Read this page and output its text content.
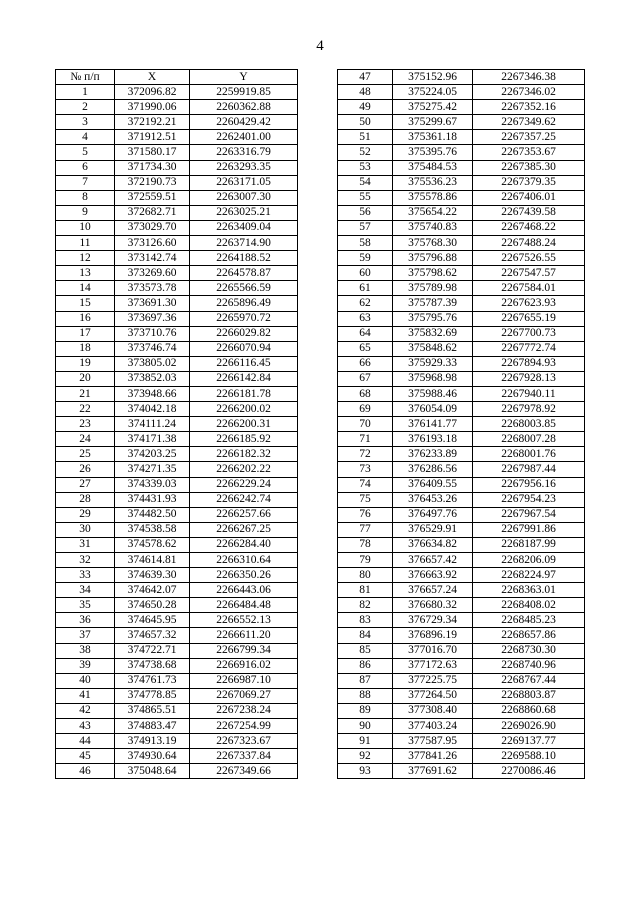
4
№ п/п	X	Y
1	372096.82	2259919.85
2	371990.06	2260362.88
3	372192.21	2260429.42
4	371912.51	2262401.00
5	371580.17	2263316.79
6	371734.30	2263293.35
7	372190.73	2263171.05
8	372559.51	2263007.30
9	372682.71	2263025.21
10	373029.70	2263409.04
11	373126.60	2263714.90
12	373142.74	2264188.52
13	373269.60	2264578.87
14	373573.78	2265566.59
15	373691.30	2265896.49
16	373697.36	2265970.72
17	373710.76	2266029.82
18	373746.74	2266070.94
19	373805.02	2266116.45
20	373852.03	2266142.84
21	373948.66	2266181.78
22	374042.18	2266200.02
23	374111.24	2266200.31
24	374171.38	2266185.92
25	374203.25	2266182.32
26	374271.35	2266202.22
27	374339.03	2266229.24
28	374431.93	2266242.74
29	374482.50	2266257.66
30	374538.58	2266267.25
31	374578.62	2266284.40
32	374614.81	2266310.64
33	374639.30	2266350.26
34	374642.07	2266443.06
35	374650.28	2266484.48
36	374645.95	2266552.13
37	374657.32	2266611.20
38	374722.71	2266799.34
39	374738.68	2266916.02
40	374761.73	2266987.10
41	374778.85	2267069.27
42	374865.51	2267238.24
43	374883.47	2267254.99
44	374913.19	2267323.67
45	374930.64	2267337.84
46	375048.64	2267349.66
47	375152.96	2267346.38
48	375224.05	2267346.02
49	375275.42	2267352.16
50	375299.67	2267349.62
51	375361.18	2267357.25
52	375395.76	2267353.67
53	375484.53	2267385.30
54	375536.23	2267379.35
55	375578.86	2267406.01
56	375654.22	2267439.58
57	375740.83	2267468.22
58	375768.30	2267488.24
59	375796.88	2267526.55
60	375798.62	2267547.57
61	375789.98	2267584.01
62	375787.39	2267623.93
63	375795.76	2267655.19
64	375832.69	2267700.73
65	375848.62	2267772.74
66	375929.33	2267894.93
67	375968.98	2267928.13
68	375988.46	2267940.11
69	376054.09	2267978.92
70	376141.77	2268003.85
71	376193.18	2268007.28
72	376233.89	2268001.76
73	376286.56	2267987.44
74	376409.55	2267956.16
75	376453.26	2267954.23
76	376497.76	2267967.54
77	376529.91	2267991.86
78	376634.82	2268187.99
79	376657.42	2268206.09
80	376663.92	2268224.97
81	376657.24	2268363.01
82	376680.32	2268408.02
83	376729.34	2268485.23
84	376896.19	2268657.86
85	377016.70	2268730.30
86	377172.63	2268740.96
87	377225.75	2268767.44
88	377264.50	2268803.87
89	377308.40	2268860.68
90	377403.24	2269026.90
91	377587.95	2269137.77
92	377841.26	2269588.10
93	377691.62	2270086.46
